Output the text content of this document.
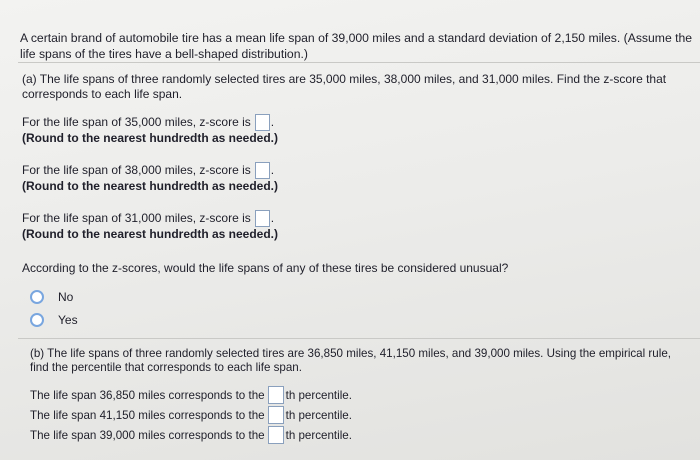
A certain brand of automobile tire has a mean life span of 39,000 miles and a standard deviation of 2,150 miles. (Assume the life spans of the tires have a bell-shaped distribution.)
(a) The life spans of three randomly selected tires are 35,000 miles, 38,000 miles, and 31,000 miles. Find the z-score that corresponds to each life span.
For the life span of 35,000 miles, z-score is .
(Round to the nearest hundredth as needed.)
For the life span of 38,000 miles, z-score is .
(Round to the nearest hundredth as needed.)
For the life span of 31,000 miles, z-score is .
(Round to the nearest hundredth as needed.)
According to the z-scores, would the life spans of any of these tires be considered unusual?
No
Yes
(b) The life spans of three randomly selected tires are 36,850 miles, 41,150 miles, and 39,000 miles. Using the empirical rule, find the percentile that corresponds to each life span.
The life span 36,850 miles corresponds to the th percentile.
The life span 41,150 miles corresponds to the th percentile.
The life span 39,000 miles corresponds to the th percentile.
